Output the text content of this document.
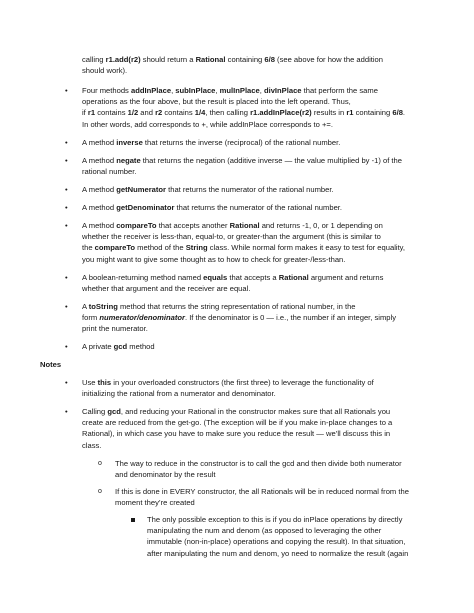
calling r1.add(r2) should return a Rational containing 6/8 (see above for how the addition
should work).
• Four methods addInPlace, subInPlace, mulInPlace, divInPlace that perform the same
operations as the four above, but the result is placed into the left operand. Thus,
if r1 contains 1/2 and r2 contains 1/4, then calling r1.addInPlace(r2) results in r1 containing 6/8.
In other words, add corresponds to +, while addInPlace corresponds to +=.
• A method inverse that returns the inverse (reciprocal) of the rational number.
• A method negate that returns the negation (additive inverse — the value multiplied by -1) of the
rational number.
• A method getNumerator that returns the numerator of the rational number.
• A method getDenominator that returns the numerator of the rational number.
• A method compareTo that accepts another Rational and returns -1, 0, or 1 depending on
whether the receiver is less-than, equal-to, or greater-than the argument (this is similar to
the compareTo method of the String class. While normal form makes it easy to test for equality,
you might want to give some thought as to how to check for greater-/less-than.
• A boolean-returning method named equals that accepts a Rational argument and returns
whether that argument and the receiver are equal.
• A toString method that returns the string representation of rational number, in the
form numerator/denominator. If the denominator is 0 — i.e., the number if an integer, simply
print the numerator.
• A private gcd method
Notes
• Use this in your overloaded constructors (the first three) to leverage the functionality of
initializing the rational from a numerator and denominator.
• Calling gcd, and reducing your Rational in the constructor makes sure that all Rationals you
create are reduced from the get-go. (The exception will be if you make in-place changes to a
Rational), in which case you have to make sure you reduce the result — we’ll discuss this in
class.
o The way to reduce in the constructor is to call the gcd and then divide both numerator
and denominator by the result
o If this is done in EVERY constructor, the all Rationals will be in reduced normal from the
moment they’re created
The only possible exception to this is if you do inPlace operations by directly
manipulating the num and denom (as opposed to leveraging the other
immutable (non-in-place) operations and copying the result). In that situation,
after manipulating the num and denom, yo need to normalize the result (again
